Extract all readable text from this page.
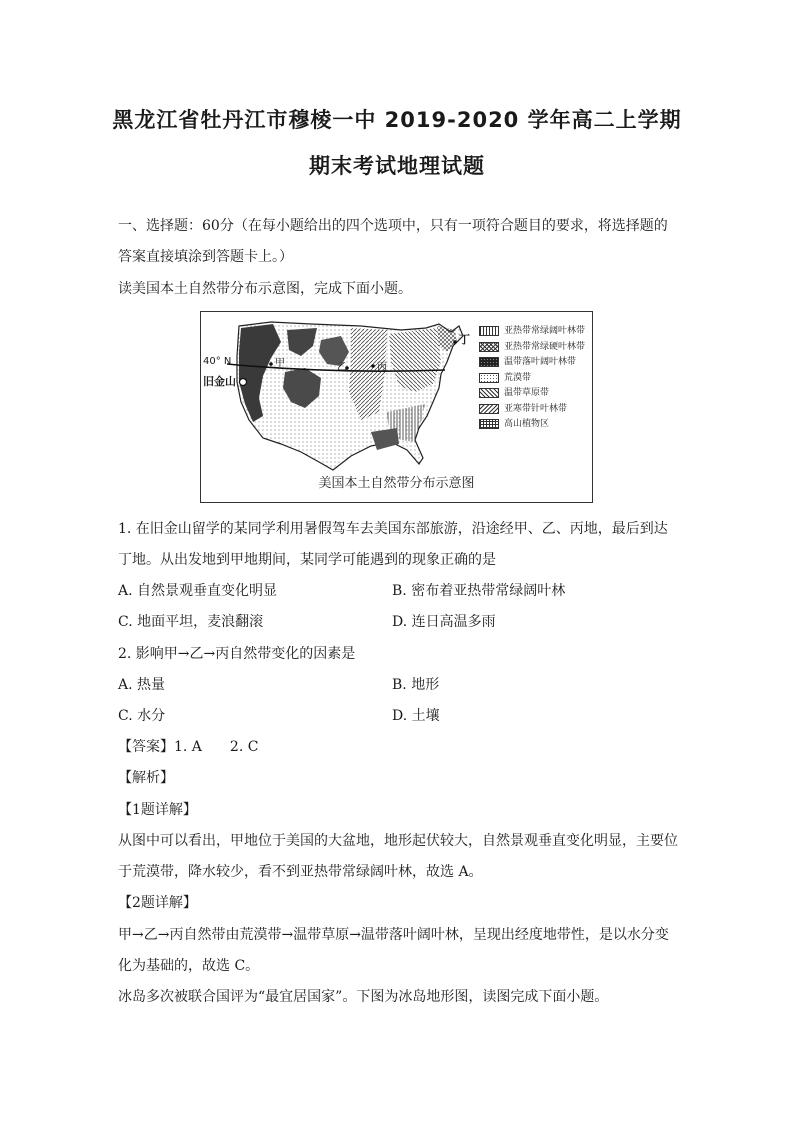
黑龙江省牡丹江市穆棱一中 2019-2020 学年高二上学期
期末考试地理试题
一、选择题：60分（在每小题给出的四个选项中，只有一项符合题目的要求，将选择题的
答案直接填涂到答题卡上。）
读美国本土自然带分布示意图，完成下面小题。
40° N
旧金山
甲	乙	丙
丁
亚热带常绿阔叶林带
亚热带常绿硬叶林带
温带落叶阔叶林带
荒漠带
温带草原带
亚寒带针叶林带
高山植物区
美国本土自然带分布示意图
1. 在旧金山留学的某同学利用暑假驾车去美国东部旅游，沿途经甲、乙、丙地，最后到达
丁地。从出发地到甲地期间，某同学可能遇到的现象正确的是
A. 自然景观垂直变化明显	B. 密布着亚热带常绿阔叶林
C. 地面平坦，麦浪翻滚	D. 连日高温多雨
2. 影响甲→乙→丙自然带变化的因素是
A. 热量	B. 地形
C. 水分	D. 土壤
【答案】1. A　　2. C
【解析】
【1题详解】
从图中可以看出，甲地位于美国的大盆地，地形起伏较大，自然景观垂直变化明显，主要位
于荒漠带，降水较少，看不到亚热带常绿阔叶林，故选 A。
【2题详解】
甲→乙→丙自然带由荒漠带→温带草原→温带落叶阔叶林，呈现出经度地带性，是以水分变
化为基础的，故选 C。
冰岛多次被联合国评为“最宜居国家”。下图为冰岛地形图，读图完成下面小题。
